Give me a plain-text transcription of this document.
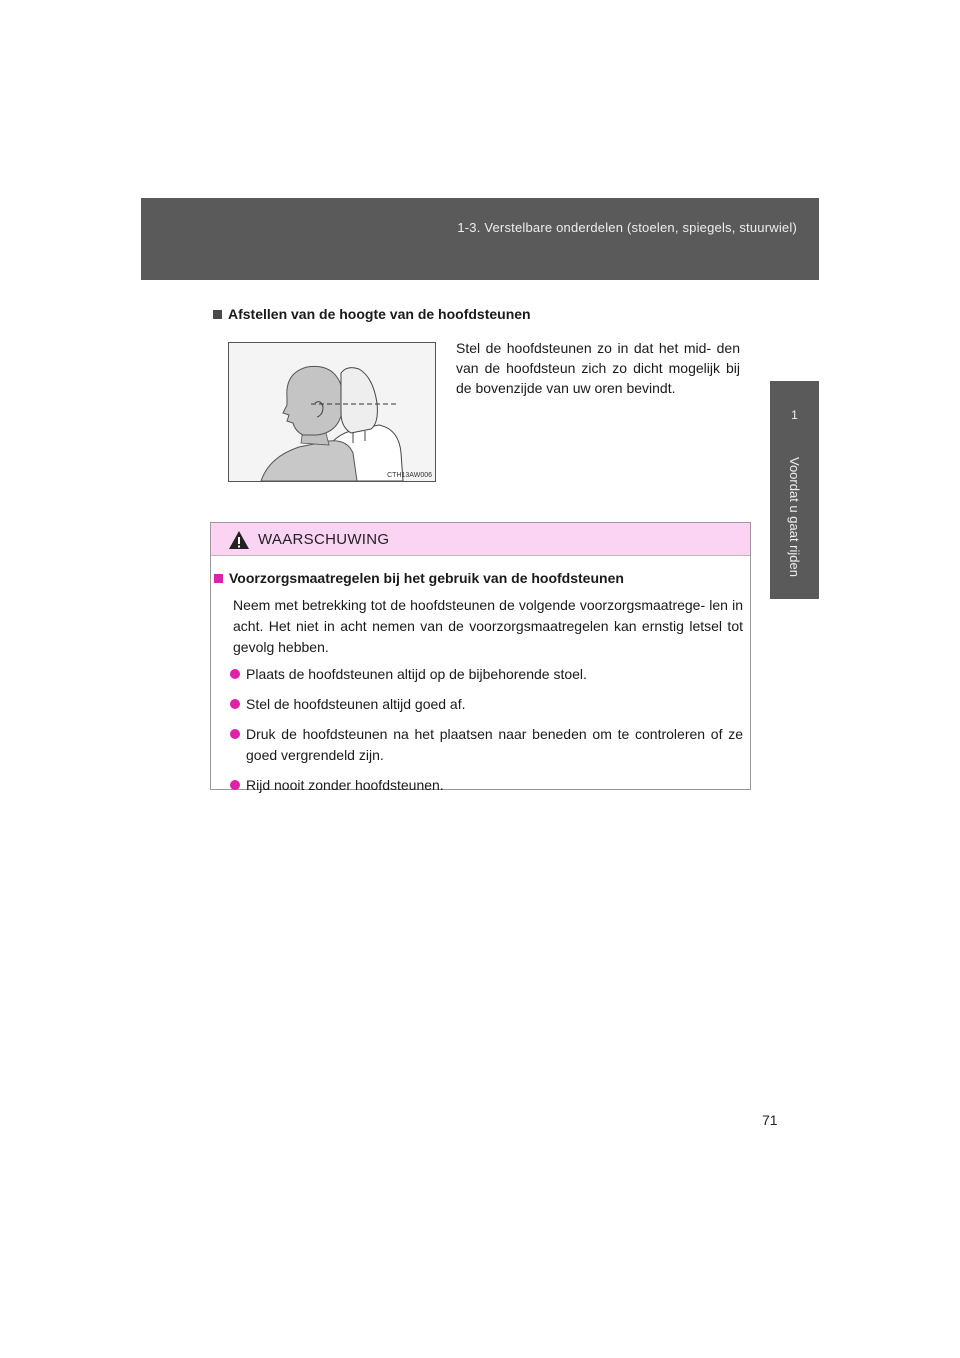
1-3. Verstelbare onderdelen (stoelen, spiegels, stuurwiel)
1
Voordat u gaat rijden
Afstellen van de hoogte van de hoofdsteunen
CTH13AW006
Stel de hoofdsteunen zo in dat het mid- den van de hoofdsteun zich zo dicht mogelijk bij de bovenzijde van uw oren bevindt.
WAARSCHUWING
Voorzorgsmaatregelen bij het gebruik van de hoofdsteunen
Neem met betrekking tot de hoofdsteunen de volgende voorzorgsmaatrege- len in acht. Het niet in acht nemen van de voorzorgsmaatregelen kan ernstig letsel tot gevolg hebben.
Plaats de hoofdsteunen altijd op de bijbehorende stoel.
Stel de hoofdsteunen altijd goed af.
Druk de hoofdsteunen na het plaatsen naar beneden om te controleren of ze goed vergrendeld zijn.
Rijd nooit zonder hoofdsteunen.
71
